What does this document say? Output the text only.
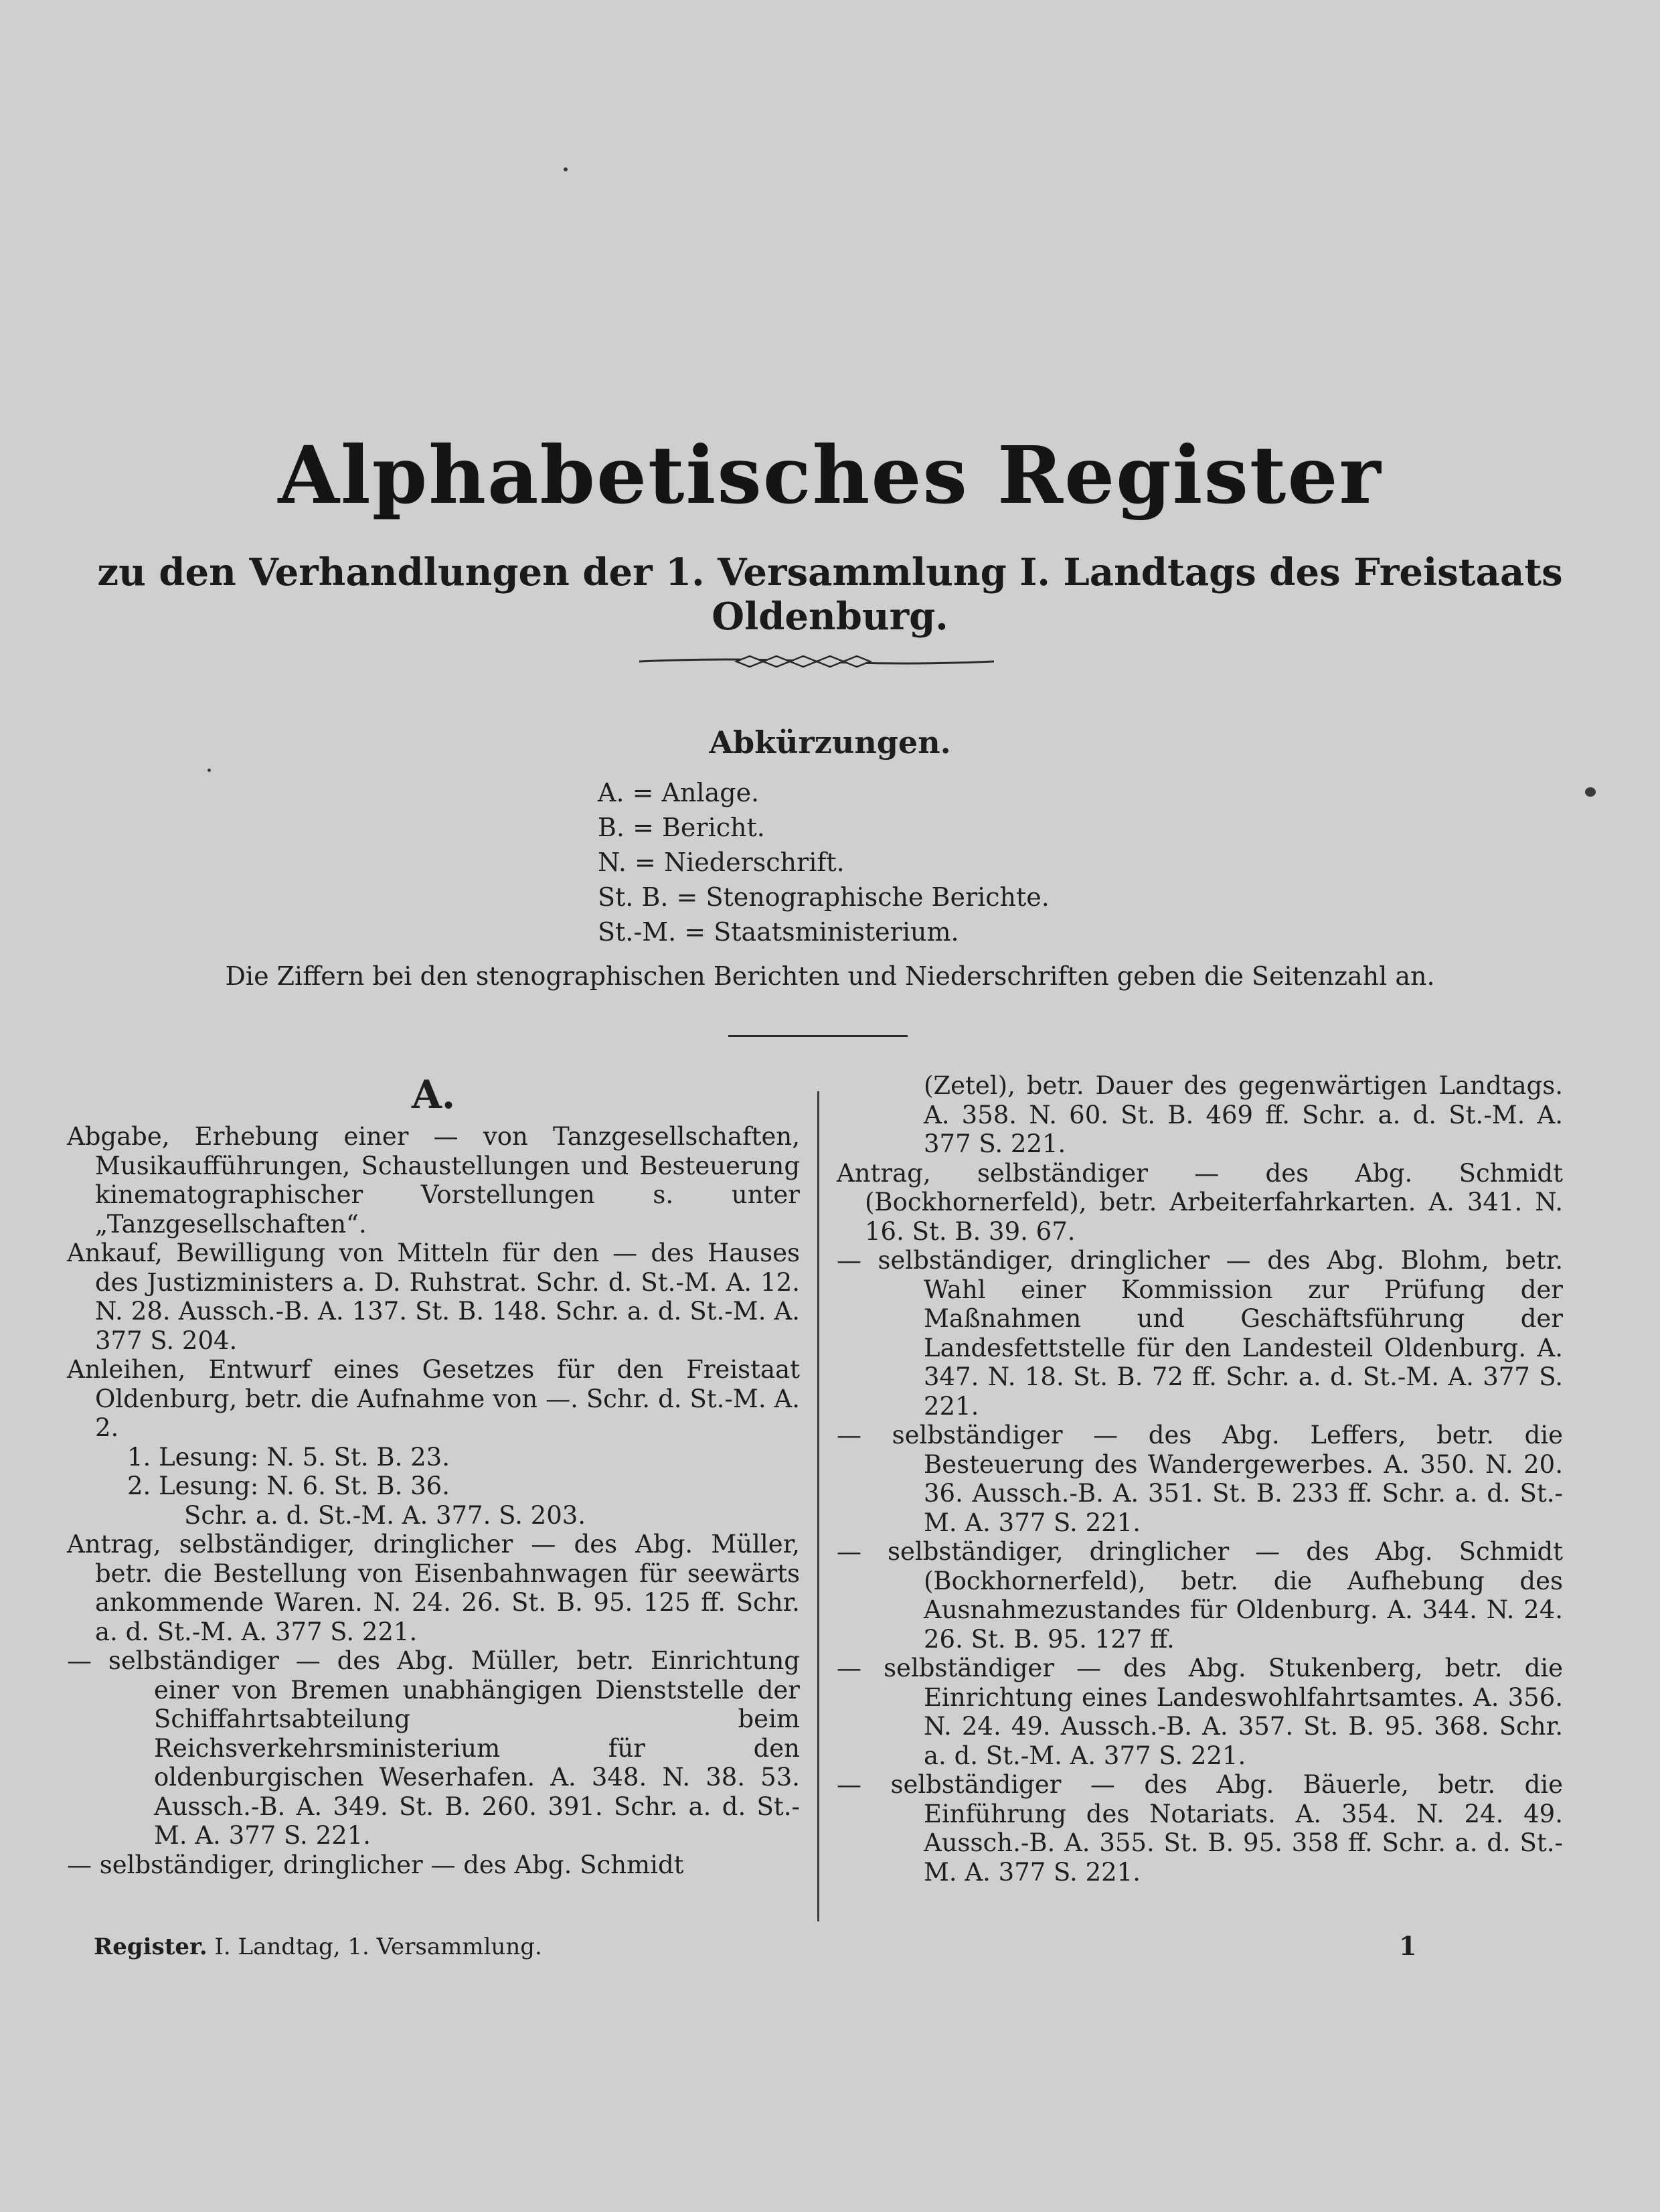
Alphabetisches Register
zu den Verhandlungen der 1. Versammlung I. Landtags des Freistaats Oldenburg.
Abkürzungen.
A. = Anlage.
B. = Bericht.
N. = Niederschrift.
St. B. = Stenographische Berichte.
St.-M. = Staatsministerium.
Die Ziffern bei den stenographischen Berichten und Niederschriften geben die Seitenzahl an.
A.

Abgabe, Erhebung einer — von Tanzgesellschaften, Musikaufführungen, Schaustellungen und Besteuerung kinematographischer Vorstellungen s. unter „Tanzgesellschaften“.

Ankauf, Bewilligung von Mitteln für den — des Hauses des Justizministers a. D. Ruhstrat. Schr. d. St.-M. A. 12. N. 28. Aussch.-B. A. 137. St. B. 148. Schr. a. d. St.-M. A. 377 S. 204.

Anleihen, Entwurf eines Gesetzes für den Freistaat Oldenburg, betr. die Aufnahme von —. Schr. d. St.-M. A. 2.

1. Lesung: N. 5. St. B. 23.
2. Lesung: N. 6. St. B. 36.
Schr. a. d. St.-M. A. 377. S. 203.

Antrag, selbständiger, dringlicher — des Abg. Müller, betr. die Bestellung von Eisenbahnwagen für seewärts ankommende Waren. N. 24. 26. St. B. 95. 125 ff. Schr. a. d. St.-M. A. 377 S. 221.

— selbständiger — des Abg. Müller, betr. Einrichtung einer von Bremen unabhängigen Dienststelle der Schiffahrtsabteilung beim Reichsverkehrsministerium für den oldenburgischen Weserhafen. A. 348. N. 38. 53. Aussch.-B. A. 349. St. B. 260. 391. Schr. a. d. St.-M. A. 377 S. 221.

— selbständiger, dringlicher — des Abg. Schmidt

(Zetel), betr. Dauer des gegenwärtigen Landtags. A. 358. N. 60. St. B. 469 ff. Schr. a. d. St.-M. A. 377 S. 221.

Antrag, selbständiger — des Abg. Schmidt (Bockhornerfeld), betr. Arbeiterfahrkarten. A. 341. N. 16. St. B. 39. 67.

— selbständiger, dringlicher — des Abg. Blohm, betr. Wahl einer Kommission zur Prüfung der Maßnahmen und Geschäftsführung der Landesfettstelle für den Landesteil Oldenburg. A. 347. N. 18. St. B. 72 ff. Schr. a. d. St.-M. A. 377 S. 221.

— selbständiger — des Abg. Leffers, betr. die Besteuerung des Wandergewerbes. A. 350. N. 20. 36. Aussch.-B. A. 351. St. B. 233 ff. Schr. a. d. St.-M. A. 377 S. 221.

— selbständiger, dringlicher — des Abg. Schmidt (Bockhornerfeld), betr. die Aufhebung des Ausnahmezustandes für Oldenburg. A. 344. N. 24. 26. St. B. 95. 127 ff.

— selbständiger — des Abg. Stukenberg, betr. die Einrichtung eines Landeswohlfahrtsamtes. A. 356. N. 24. 49. Aussch.-B. A. 357. St. B. 95. 368. Schr. a. d. St.-M. A. 377 S. 221.

— selbständiger — des Abg. Bäuerle, betr. die Einführung des Notariats. A. 354. N. 24. 49. Aussch.-B. A. 355. St. B. 95. 358 ff. Schr. a. d. St.-M. A. 377 S. 221.

Register. I. Landtag, 1. Versammlung.	1
